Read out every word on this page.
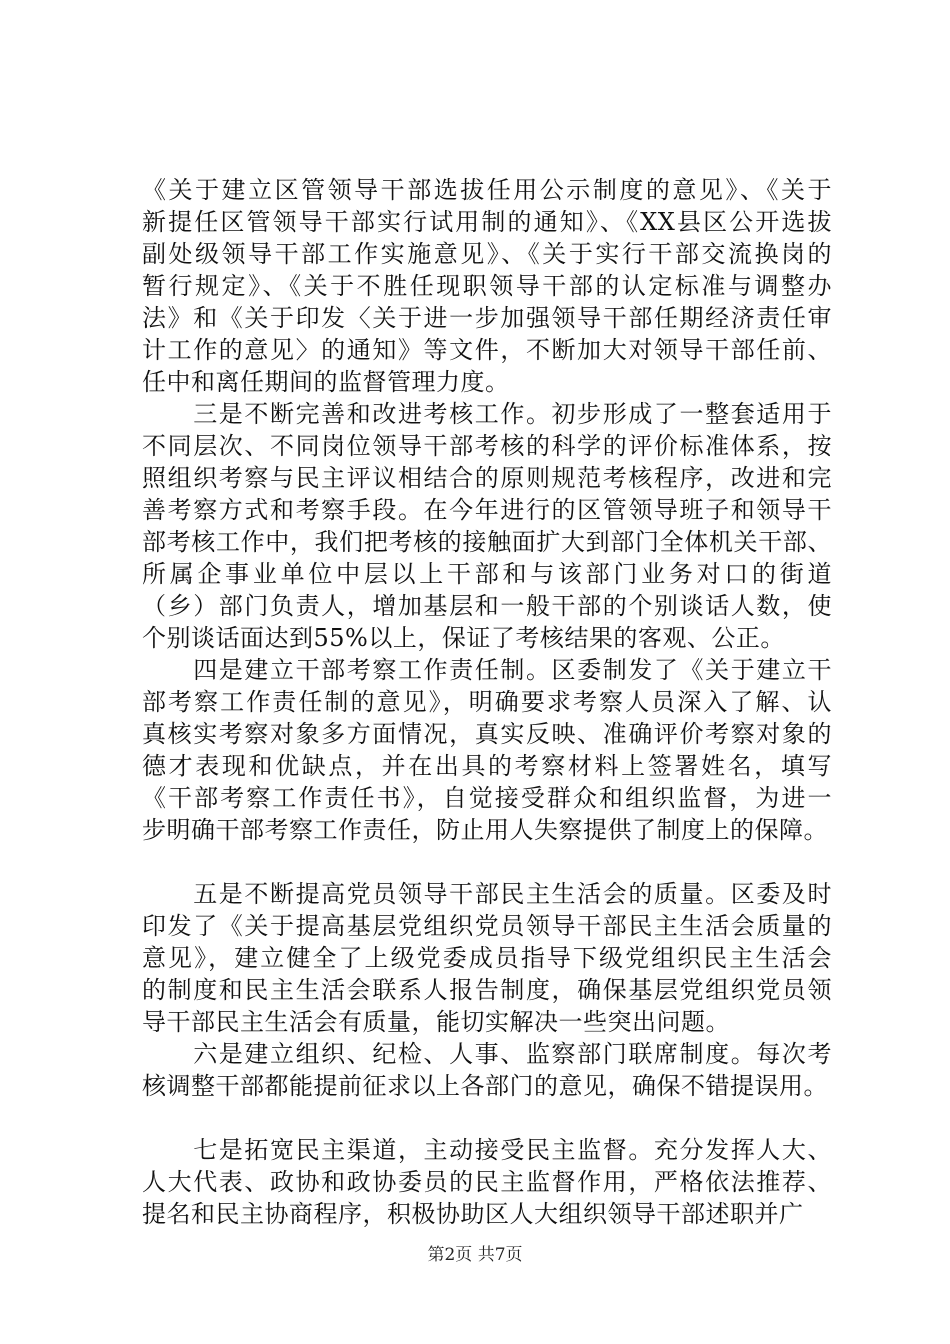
《关于建立区管领导干部选拔任用公示制度的意见》、《关于
新提任区管领导干部实行试用制的通知》、《XX县区公开选拔
副处级领导干部工作实施意见》、《关于实行干部交流换岗的
暂行规定》、《关于不胜任现职领导干部的认定标准与调整办
法》和《关于印发〈关于进一步加强领导干部任期经济责任审
计工作的意见〉的通知》等文件，不断加大对领导干部任前、
任中和离任期间的监督管理力度。
　　三是不断完善和改进考核工作。初步形成了一整套适用于
不同层次、不同岗位领导干部考核的科学的评价标准体系，按
照组织考察与民主评议相结合的原则规范考核程序，改进和完
善考察方式和考察手段。在今年进行的区管领导班子和领导干
部考核工作中，我们把考核的接触面扩大到部门全体机关干部、
所属企事业单位中层以上干部和与该部门业务对口的街道
（乡）部门负责人，增加基层和一般干部的个别谈话人数，使
个别谈话面达到55%以上，保证了考核结果的客观、公正。
　　四是建立干部考察工作责任制。区委制发了《关于建立干
部考察工作责任制的意见》，明确要求考察人员深入了解、认
真核实考察对象多方面情况，真实反映、准确评价考察对象的
德才表现和优缺点，并在出具的考察材料上签署姓名，填写
《干部考察工作责任书》，自觉接受群众和组织监督，为进一
步明确干部考察工作责任，防止用人失察提供了制度上的保障。
　　五是不断提高党员领导干部民主生活会的质量。区委及时
印发了《关于提高基层党组织党员领导干部民主生活会质量的
意见》，建立健全了上级党委成员指导下级党组织民主生活会
的制度和民主生活会联系人报告制度，确保基层党组织党员领
导干部民主生活会有质量，能切实解决一些突出问题。
　　六是建立组织、纪检、人事、监察部门联席制度。每次考
核调整干部都能提前征求以上各部门的意见，确保不错提误用。
　　七是拓宽民主渠道，主动接受民主监督。充分发挥人大、
人大代表、政协和政协委员的民主监督作用，严格依法推荐、
提名和民主协商程序，积极协助区人大组织领导干部述职并广
第2页 共7页
